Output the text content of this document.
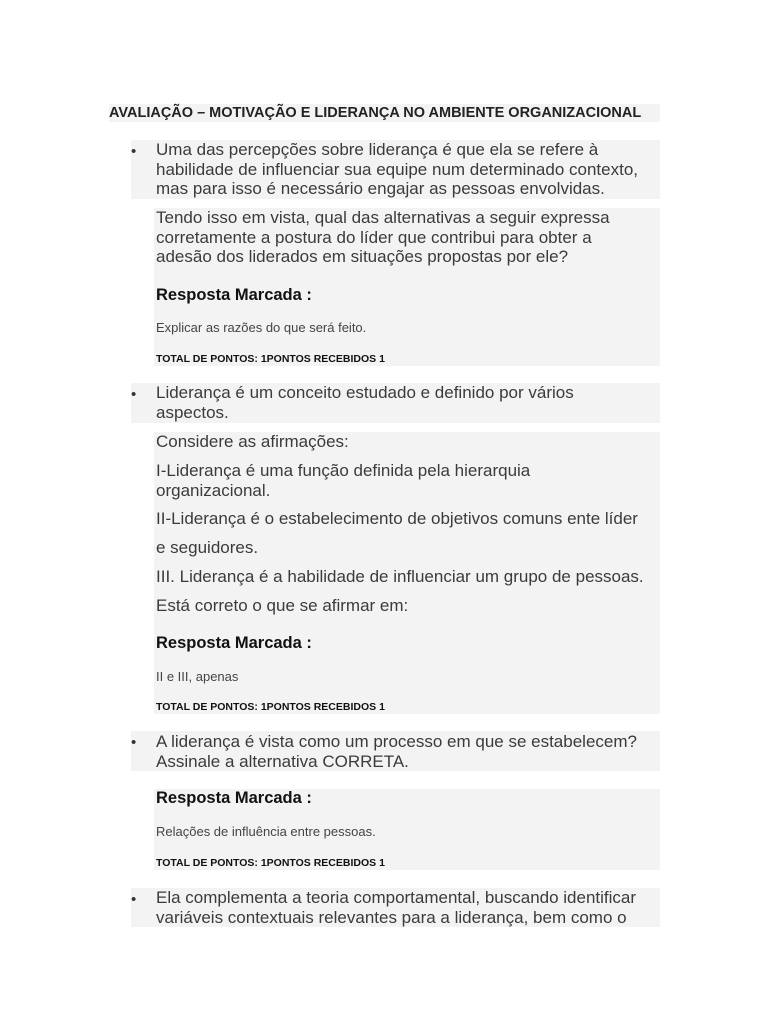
AVALIAÇÃO – MOTIVAÇÃO E LIDERANÇA NO AMBIENTE ORGANIZACIONAL
• Uma das percepções sobre liderança é que ela se refere à

habilidade de influenciar sua equipe num determinado contexto,

mas para isso é necessário engajar as pessoas envolvidas.

Tendo isso em vista, qual das alternativas a seguir expressa

corretamente a postura do líder que contribui para obter a

adesão dos liderados em situações propostas por ele?

Resposta Marcada :
Explicar as razões do que será feito.
TOTAL DE PONTOS: 1PONTOS RECEBIDOS 1
• Liderança é um conceito estudado e definido por vários

aspectos.

Considere as afirmações:

I-Liderança é uma função definida pela hierarquia

organizacional.

II-Liderança é o estabelecimento de objetivos comuns ente líder
e seguidores.
III. Liderança é a habilidade de influenciar um grupo de pessoas.
Está correto o que se afirmar em:
Resposta Marcada :
II e III, apenas
TOTAL DE PONTOS: 1PONTOS RECEBIDOS 1
• A liderança é vista como um processo em que se estabelecem?

Assinale a alternativa CORRETA.

Resposta Marcada :
Relações de influência entre pessoas.
TOTAL DE PONTOS: 1PONTOS RECEBIDOS 1
• Ela complementa a teoria comportamental, buscando identificar

variáveis contextuais relevantes para a liderança, bem como o
